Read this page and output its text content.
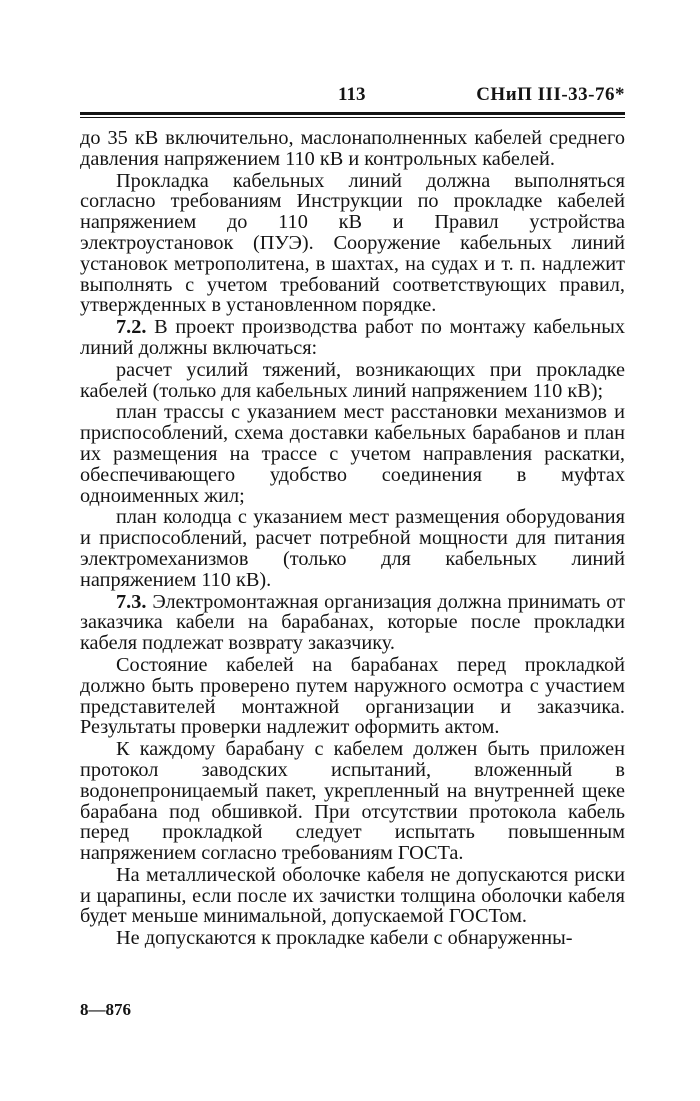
113	СНиП III-33-76*

до 35 кВ включительно, маслонаполненных кабелей среднего давления напряжением 110 кВ и контрольных кабелей.

Прокладка кабельных линий должна выполняться согласно требованиям Инструкции по прокладке кабелей напряжением до 110 кВ и Правил устройства электроустановок (ПУЭ). Сооружение кабельных линий установок метрополитена, в шахтах, на судах и т. п. надлежит выполнять с учетом требований соответствующих правил, утвержденных в установленном порядке.

7.2. В проект производства работ по монтажу кабельных линий должны включаться:

расчет усилий тяжений, возникающих при прокладке кабелей (только для кабельных линий напряжением 110 кВ);

план трассы с указанием мест расстановки механизмов и приспособлений, схема доставки кабельных барабанов и план их размещения на трассе с учетом направления раскатки, обеспечивающего удобство соединения в муфтах одноименных жил;

план колодца с указанием мест размещения оборудования и приспособлений, расчет потребной мощности для питания электромеханизмов (только для кабельных линий напряжением 110 кВ).

7.3. Электромонтажная организация должна принимать от заказчика кабели на барабанах, которые после прокладки кабеля подлежат возврату заказчику.

Состояние кабелей на барабанах перед прокладкой должно быть проверено путем наружного осмотра с участием представителей монтажной организации и заказчика. Результаты проверки надлежит оформить актом.

К каждому барабану с кабелем должен быть приложен протокол заводских испытаний, вложенный в водонепроницаемый пакет, укрепленный на внутренней щеке барабана под обшивкой. При отсутствии протокола кабель перед прокладкой следует испытать повышенным напряжением согласно требованиям ГОСТа.

На металлической оболочке кабеля не допускаются риски и царапины, если после их зачистки толщина оболочки кабеля будет меньше минимальной, допускаемой ГОСТом.

Не допускаются к прокладке кабели с обнаруженны-

8—876
